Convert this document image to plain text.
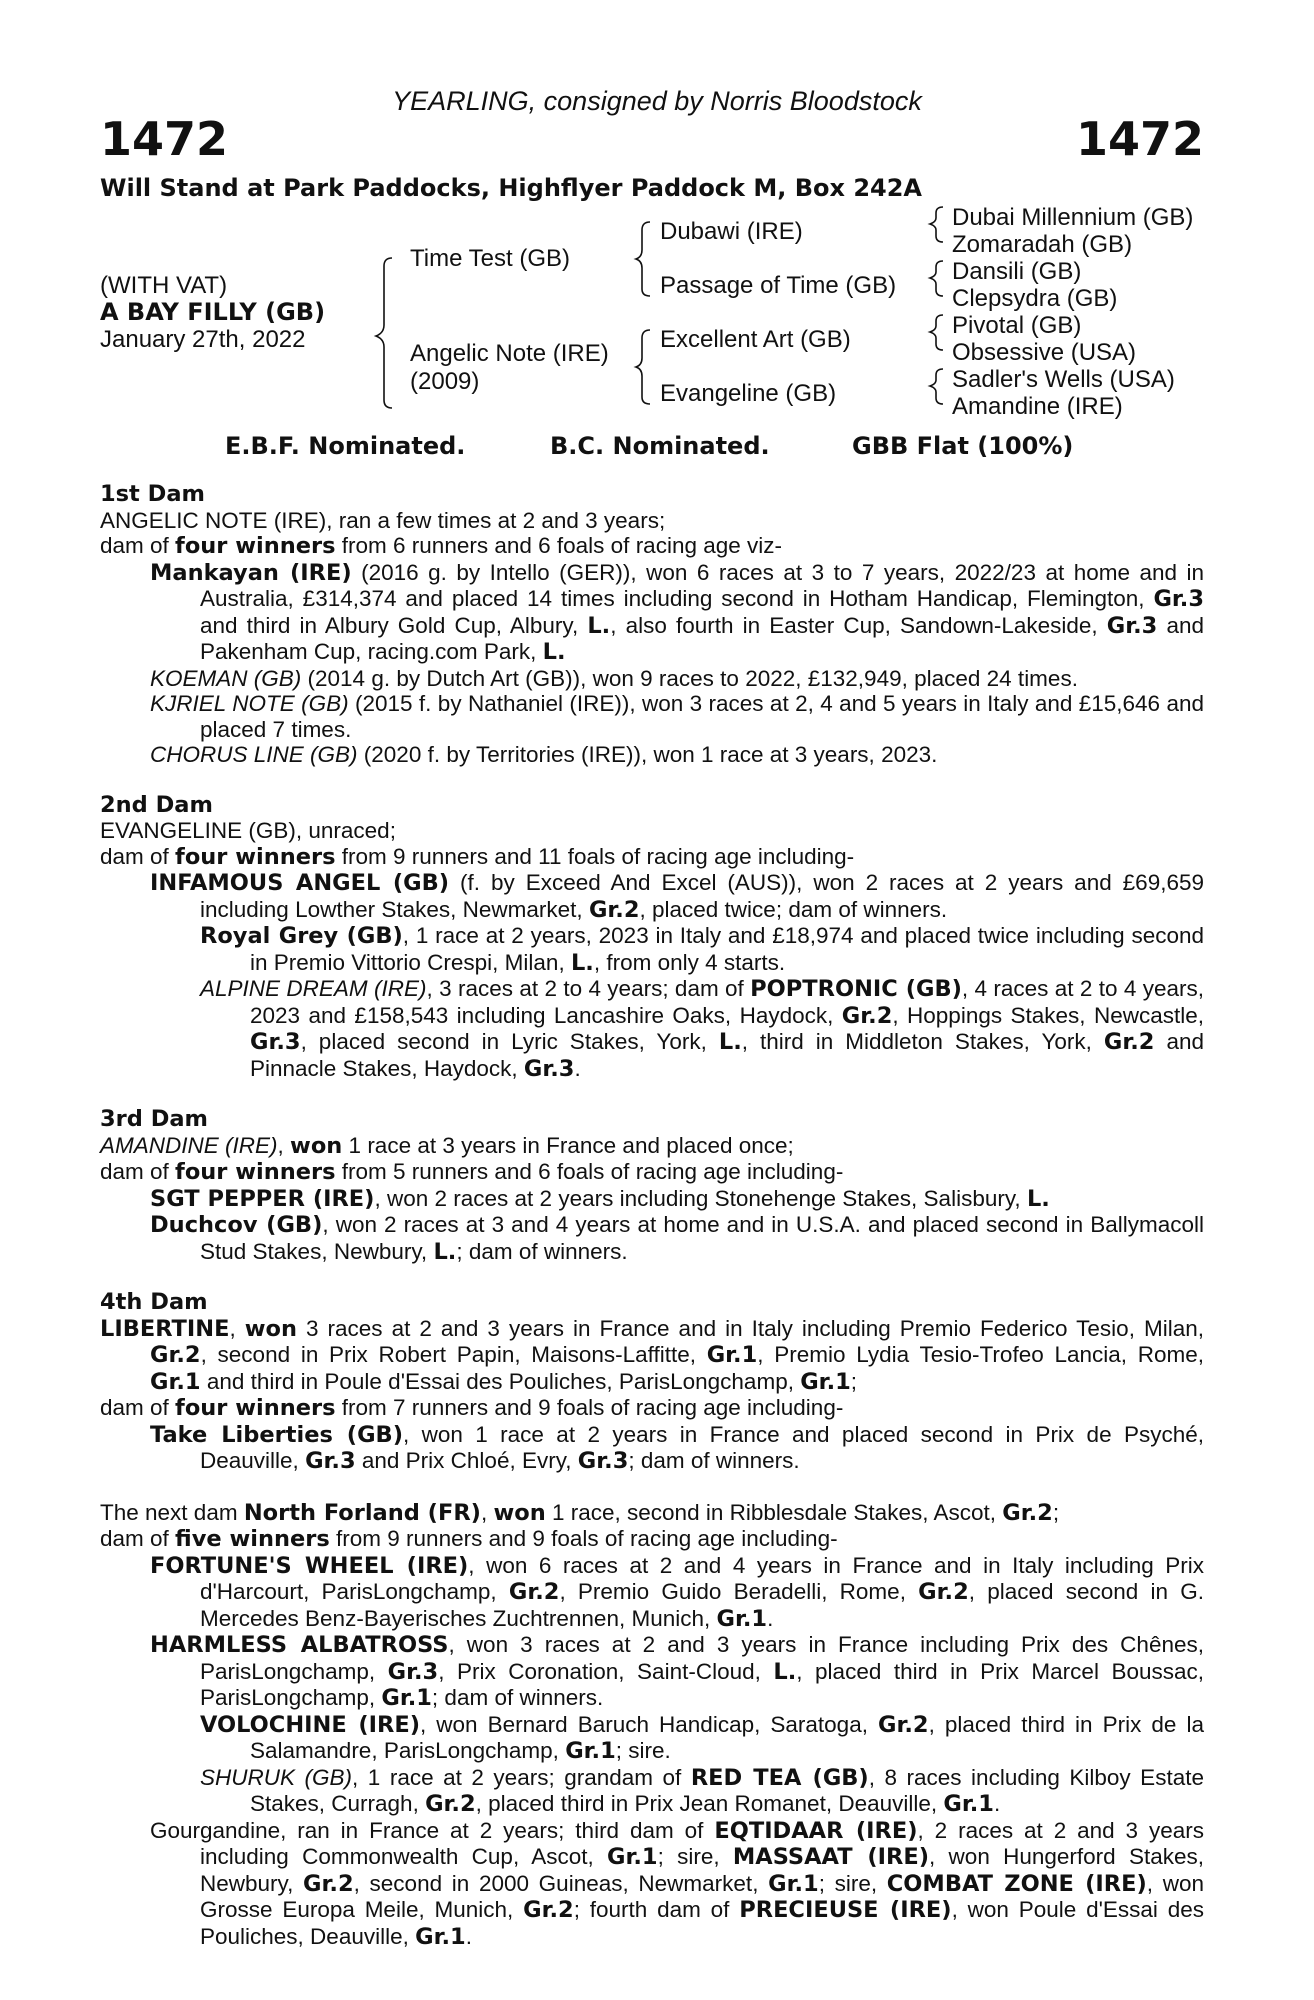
YEARLING, consigned by Norris Bloodstock
1472	1472
Will Stand at Park Paddocks, Highflyer Paddock M, Box 242A
(WITH VAT)
A BAY FILLY (GB)
January 27th, 2022
Time Test (GB)
Angelic Note (IRE)
(2009)
Dubawi (IRE)
Passage of Time (GB)
Excellent Art (GB)
Evangeline (GB)
Dubai Millennium (GB)
Zomaradah (GB)
Dansili (GB)
Clepsydra (GB)
Pivotal (GB)
Obsessive (USA)
Sadler's Wells (USA)
Amandine (IRE)
E.B.F. Nominated.	B.C. Nominated.	GBB Flat (100%)
1st Dam
ANGELIC NOTE (IRE), ran a few times at 2 and 3 years;
dam of four winners from 6 runners and 6 foals of racing age viz-
Mankayan (IRE) (2016 g. by Intello (GER)), won 6 races at 3 to 7 years, 2022/23 at home and in Australia, £314,374 and placed 14 times including second in Hotham Handicap, Flemington, Gr.3 and third in Albury Gold Cup, Albury, L., also fourth in Easter Cup, Sandown-Lakeside, Gr.3 and Pakenham Cup, racing.com Park, L.
KOEMAN (GB) (2014 g. by Dutch Art (GB)), won 9 races to 2022, £132,949, placed 24 times.
KJRIEL NOTE (GB) (2015 f. by Nathaniel (IRE)), won 3 races at 2, 4 and 5 years in Italy and £15,646 and placed 7 times.
CHORUS LINE (GB) (2020 f. by Territories (IRE)), won 1 race at 3 years, 2023.
2nd Dam
EVANGELINE (GB), unraced;
dam of four winners from 9 runners and 11 foals of racing age including-
INFAMOUS ANGEL (GB) (f. by Exceed And Excel (AUS)), won 2 races at 2 years and £69,659 including Lowther Stakes, Newmarket, Gr.2, placed twice; dam of winners.
Royal Grey (GB), 1 race at 2 years, 2023 in Italy and £18,974 and placed twice including second in Premio Vittorio Crespi, Milan, L., from only 4 starts.
ALPINE DREAM (IRE), 3 races at 2 to 4 years; dam of POPTRONIC (GB), 4 races at 2 to 4 years, 2023 and £158,543 including Lancashire Oaks, Haydock, Gr.2, Hoppings Stakes, Newcastle, Gr.3, placed second in Lyric Stakes, York, L., third in Middleton Stakes, York, Gr.2 and Pinnacle Stakes, Haydock, Gr.3.
3rd Dam
AMANDINE (IRE), won 1 race at 3 years in France and placed once;
dam of four winners from 5 runners and 6 foals of racing age including-
SGT PEPPER (IRE), won 2 races at 2 years including Stonehenge Stakes, Salisbury, L.
Duchcov (GB), won 2 races at 3 and 4 years at home and in U.S.A. and placed second in Ballymacoll Stud Stakes, Newbury, L.; dam of winners.
4th Dam
LIBERTINE, won 3 races at 2 and 3 years in France and in Italy including Premio Federico Tesio, Milan, Gr.2, second in Prix Robert Papin, Maisons-Laffitte, Gr.1, Premio Lydia Tesio-Trofeo Lancia, Rome, Gr.1 and third in Poule d'Essai des Pouliches, ParisLongchamp, Gr.1;
dam of four winners from 7 runners and 9 foals of racing age including-
Take Liberties (GB), won 1 race at 2 years in France and placed second in Prix de Psyché, Deauville, Gr.3 and Prix Chloé, Evry, Gr.3; dam of winners.
The next dam North Forland (FR), won 1 race, second in Ribblesdale Stakes, Ascot, Gr.2;
dam of five winners from 9 runners and 9 foals of racing age including-
FORTUNE'S WHEEL (IRE), won 6 races at 2 and 4 years in France and in Italy including Prix d'Harcourt, ParisLongchamp, Gr.2, Premio Guido Beradelli, Rome, Gr.2, placed second in G. Mercedes Benz-Bayerisches Zuchtrennen, Munich, Gr.1.
HARMLESS ALBATROSS, won 3 races at 2 and 3 years in France including Prix des Chênes, ParisLongchamp, Gr.3, Prix Coronation, Saint-Cloud, L., placed third in Prix Marcel Boussac, ParisLongchamp, Gr.1; dam of winners.
VOLOCHINE (IRE), won Bernard Baruch Handicap, Saratoga, Gr.2, placed third in Prix de la Salamandre, ParisLongchamp, Gr.1; sire.
SHURUK (GB), 1 race at 2 years; grandam of RED TEA (GB), 8 races including Kilboy Estate Stakes, Curragh, Gr.2, placed third in Prix Jean Romanet, Deauville, Gr.1.
Gourgandine, ran in France at 2 years; third dam of EQTIDAAR (IRE), 2 races at 2 and 3 years including Commonwealth Cup, Ascot, Gr.1; sire, MASSAAT (IRE), won Hungerford Stakes, Newbury, Gr.2, second in 2000 Guineas, Newmarket, Gr.1; sire, COMBAT ZONE (IRE), won Grosse Europa Meile, Munich, Gr.2; fourth dam of PRECIEUSE (IRE), won Poule d'Essai des Pouliches, Deauville, Gr.1.
